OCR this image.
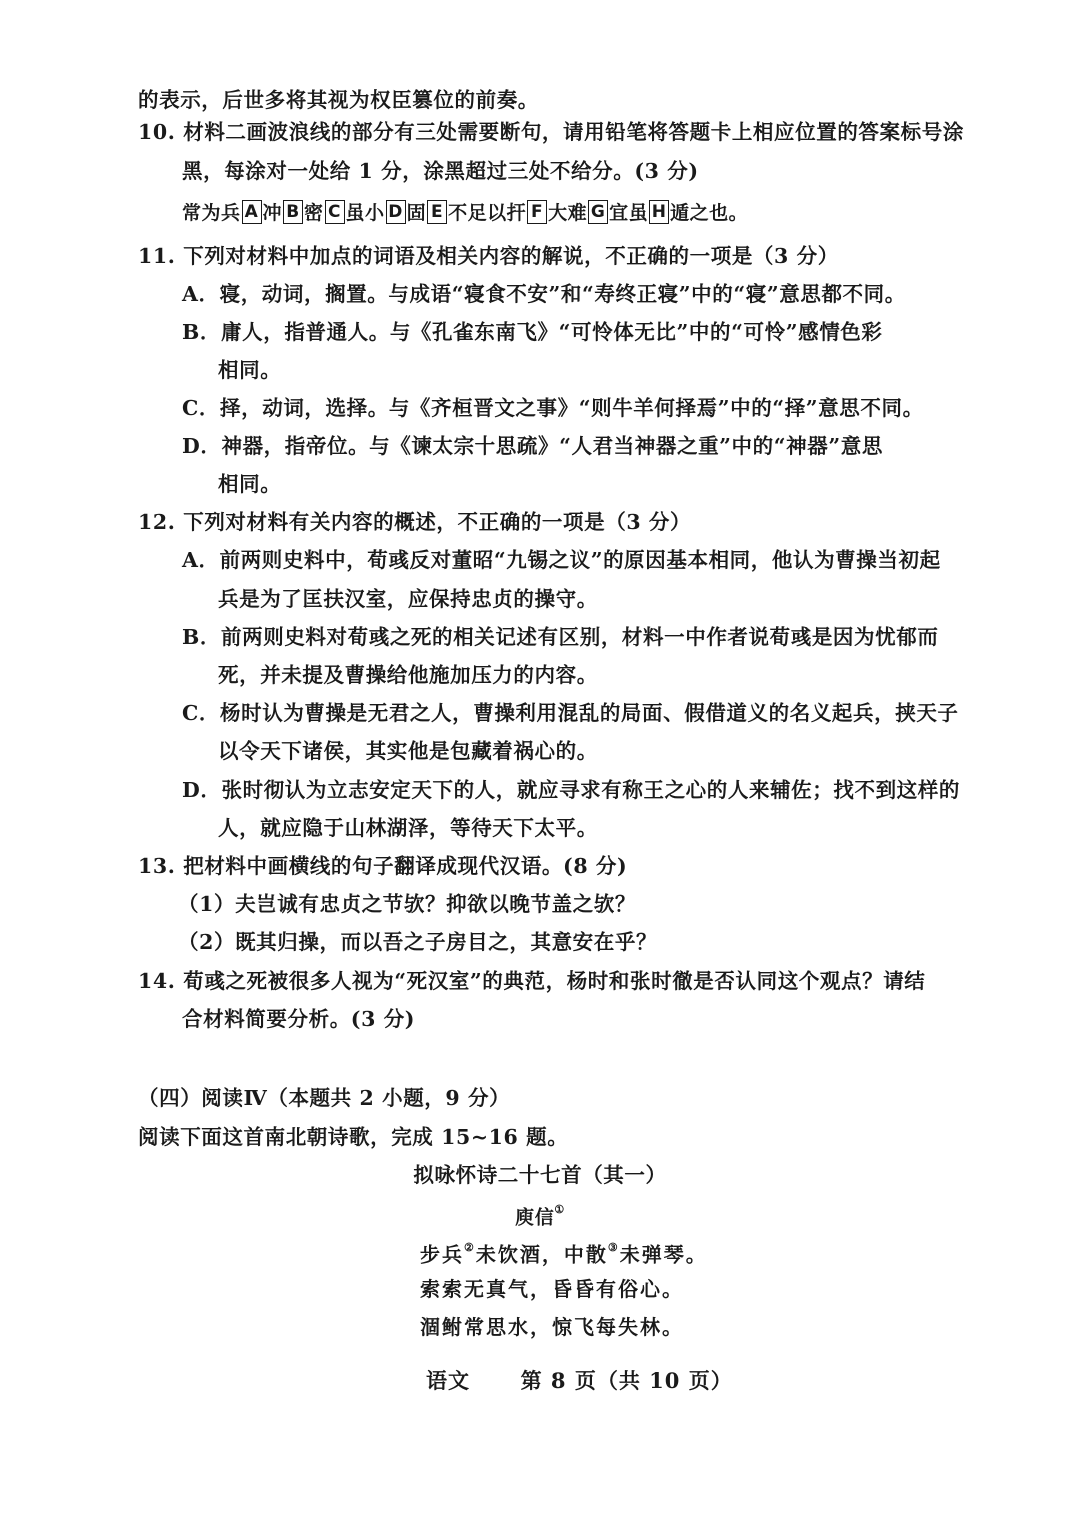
的表示，后世多将其视为权臣篡位的前奏。
10. 材料二画波浪线的部分有三处需要断句，请用铅笔将答题卡上相应位置的答案标号涂
黑，每涂对一处给 1 分，涂黑超过三处不给分。(3 分)
常为兵 A 冲 B 密 C 虽小 D 固 E 不足以扞 F 大难 G 宜虽 H 遁之也。
11. 下列对材料中加点的词语及相关内容的解说，不正确的一项是（3 分）
A．寝，动词，搁置。与成语“寝食不安”和“寿终正寝”中的“寝”意思都不同。
B．庸人，指普通人。与《孔雀东南飞》“可怜体无比”中的“可怜”感情色彩
相同。
C．择，动词，选择。与《齐桓晋文之事》“则牛羊何择焉”中的“择”意思不同。
D．神器，指帝位。与《谏太宗十思疏》“人君当神器之重”中的“神器”意思
相同。
12. 下列对材料有关内容的概述，不正确的一项是（3 分）
A．前两则史料中，荀彧反对董昭“九锡之议”的原因基本相同，他认为曹操当初起
兵是为了匡扶汉室，应保持忠贞的操守。
B．前两则史料对荀彧之死的相关记述有区别，材料一中作者说荀彧是因为忧郁而
死，并未提及曹操给他施加压力的内容。
C．杨时认为曹操是无君之人，曹操利用混乱的局面、假借道义的名义起兵，挟天子
以令天下诸侯，其实他是包藏着祸心的。
D．张时彻认为立志安定天下的人，就应寻求有称王之心的人来辅佐；找不到这样的
人，就应隐于山林湖泽，等待天下太平。
13. 把材料中画横线的句子翻译成现代汉语。(8 分)
（1）夫岂诚有忠贞之节欤？抑欲以晚节盖之欤？
（2）既其归操，而以吾之子房目之，其意安在乎？
14. 荀彧之死被很多人视为“死汉室”的典范，杨时和张时徹是否认同这个观点？请结
合材料简要分析。(3 分)
（四）阅读Ⅳ（本题共 2 小题，9 分）
阅读下面这首南北朝诗歌，完成 15~16 题。
拟咏怀诗二十七首（其一）
庾信①
步兵②未饮酒，中散③未弹琴。
索索无真气，昏昏有俗心。
涸鲋常思水，惊飞每失林。
语文 第 8 页（共 10 页）
